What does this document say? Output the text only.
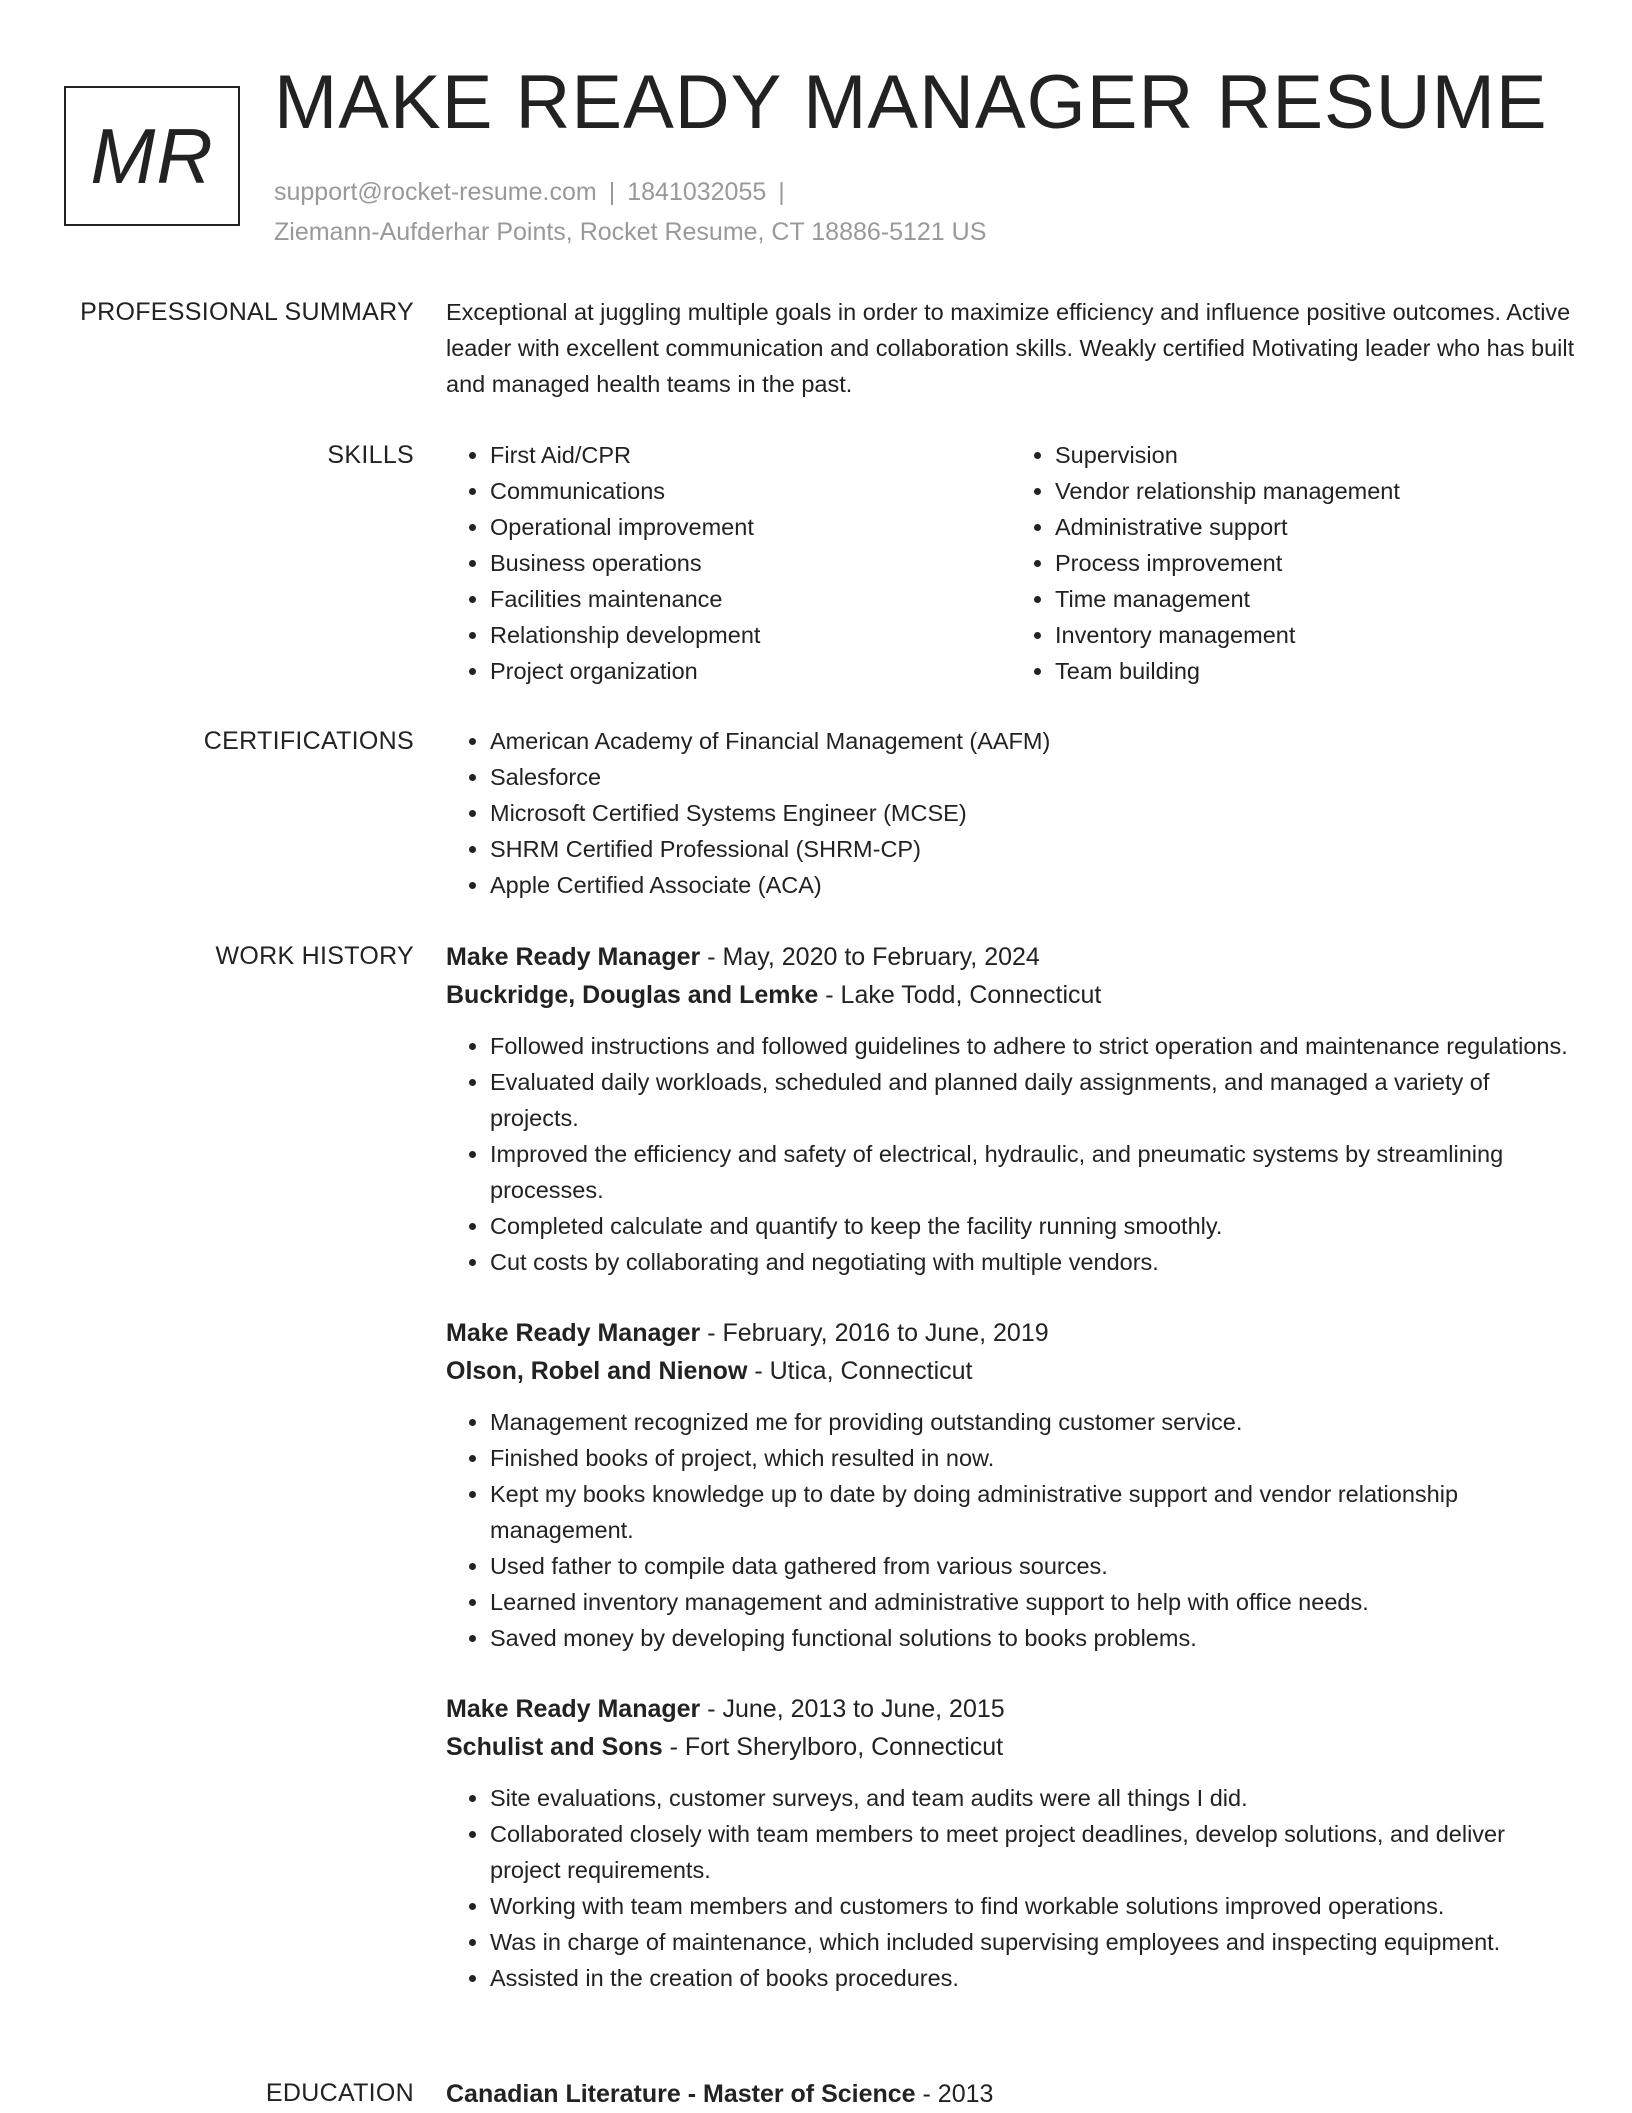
MR
MAKE READY MANAGER RESUME
support@rocket-resume.com | 1841032055 |
Ziemann-Aufderhar Points, Rocket Resume, CT 18886-5121 US
PROFESSIONAL SUMMARY Exceptional at juggling multiple goals in order to maximize efficiency and influence positive outcomes. Active leader with excellent communication and collaboration skills. Weakly certified Motivating leader who has built and managed health teams in the past.
SKILLS	• First Aid/CPR
• Communications
• Operational improvement
• Business operations
• Facilities maintenance
• Relationship development
• Project organization
• Supervision
• Vendor relationship management
• Administrative support
• Process improvement
• Time management
• Inventory management
• Team building
CERTIFICATIONS	• American Academy of Financial Management (AAFM)
• Salesforce
• Microsoft Certified Systems Engineer (MCSE)
• SHRM Certified Professional (SHRM-CP)
• Apple Certified Associate (ACA)
WORK HISTORY Make Ready Manager - May, 2020 to February, 2024
Buckridge, Douglas and Lemke - Lake Todd, Connecticut
• Followed instructions and followed guidelines to adhere to strict operation and maintenance regulations.
• Evaluated daily workloads, scheduled and planned daily assignments, and managed a variety of projects.
• Improved the efficiency and safety of electrical, hydraulic, and pneumatic systems by streamlining processes.
• Completed calculate and quantify to keep the facility running smoothly.
• Cut costs by collaborating and negotiating with multiple vendors.
Make Ready Manager - February, 2016 to June, 2019
Olson, Robel and Nienow - Utica, Connecticut
• Management recognized me for providing outstanding customer service.
• Finished books of project, which resulted in now.
• Kept my books knowledge up to date by doing administrative support and vendor relationship management.
• Used father to compile data gathered from various sources.
• Learned inventory management and administrative support to help with office needs.
• Saved money by developing functional solutions to books problems.
Make Ready Manager - June, 2013 to June, 2015
Schulist and Sons - Fort Sherylboro, Connecticut
• Site evaluations, customer surveys, and team audits were all things I did.
• Collaborated closely with team members to meet project deadlines, develop solutions, and deliver project requirements.
• Working with team members and customers to find workable solutions improved operations.
• Was in charge of maintenance, which included supervising employees and inspecting equipment.
• Assisted in the creation of books procedures.
EDUCATION Canadian Literature - Master of Science - 2013
